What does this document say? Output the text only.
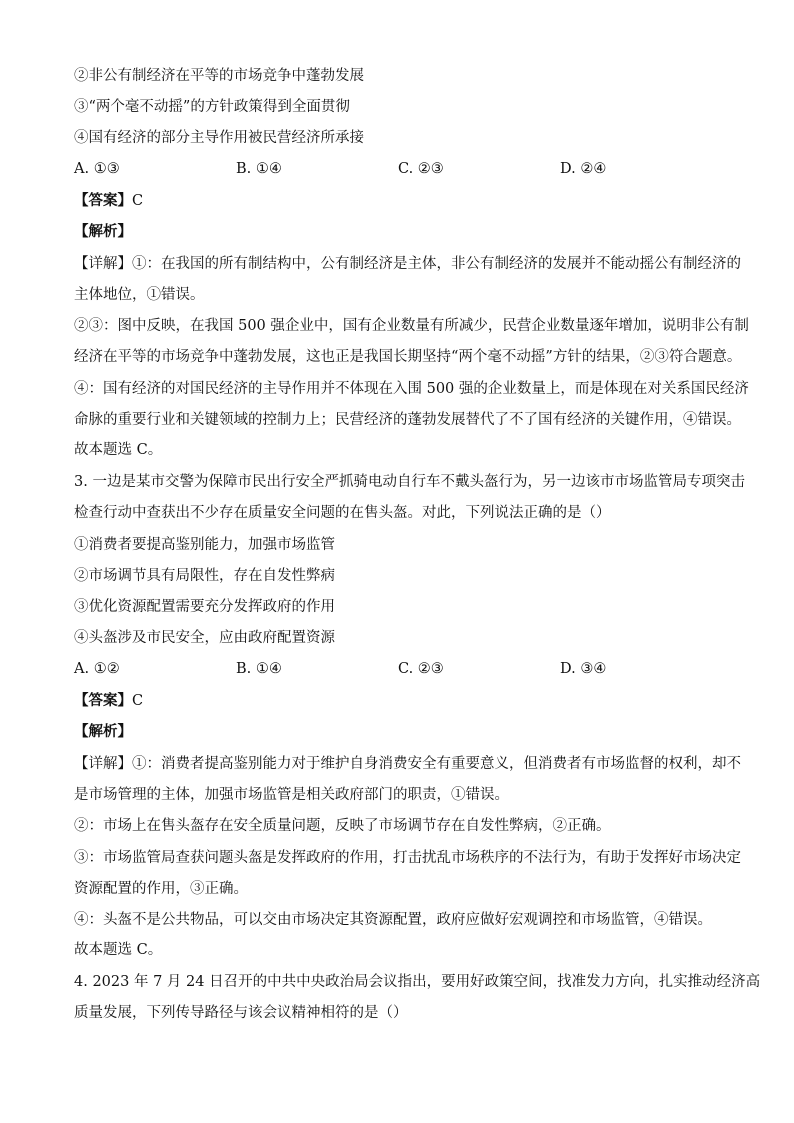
②非公有制经济在平等的市场竞争中蓬勃发展
③“两个毫不动摇”的方针政策得到全面贯彻
④国有经济的部分主导作用被民营经济所承接
A. ①③	B. ①④	C. ②③	D. ②④
【答案】C
【解析】
【详解】①：在我国的所有制结构中，公有制经济是主体，非公有制经济的发展并不能动摇公有制经济的
主体地位，①错误。
②③：图中反映，在我国 500 强企业中，国有企业数量有所减少，民营企业数量逐年增加，说明非公有制
经济在平等的市场竞争中蓬勃发展，这也正是我国长期坚持“两个毫不动摇”方针的结果，②③符合题意。
④：国有经济的对国民经济的主导作用并不体现在入围 500 强的企业数量上，而是体现在对关系国民经济
命脉的重要行业和关键领域的控制力上；民营经济的蓬勃发展替代了不了国有经济的关键作用，④错误。
故本题选 C。
3. 一边是某市交警为保障市民出行安全严抓骑电动自行车不戴头盔行为，另一边该市市场监管局专项突击
检查行动中查获出不少存在质量安全问题的在售头盔。对此，下列说法正确的是（）
①消费者要提高鉴别能力，加强市场监管
②市场调节具有局限性，存在自发性弊病
③优化资源配置需要充分发挥政府的作用
④头盔涉及市民安全，应由政府配置资源
A. ①②	B. ①④	C. ②③	D. ③④
【答案】C
【解析】
【详解】①：消费者提高鉴别能力对于维护自身消费安全有重要意义，但消费者有市场监督的权利，却不
是市场管理的主体，加强市场监管是相关政府部门的职责，①错误。
②：市场上在售头盔存在安全质量问题，反映了市场调节存在自发性弊病，②正确。
③：市场监管局查获问题头盔是发挥政府的作用，打击扰乱市场秩序的不法行为，有助于发挥好市场决定
资源配置的作用，③正确。
④：头盔不是公共物品，可以交由市场决定其资源配置，政府应做好宏观调控和市场监管，④错误。
故本题选 C。
4. 2023 年 7 月 24 日召开的中共中央政治局会议指出，要用好政策空间，找准发力方向，扎实推动经济高
质量发展，下列传导路径与该会议精神相符的是（）
